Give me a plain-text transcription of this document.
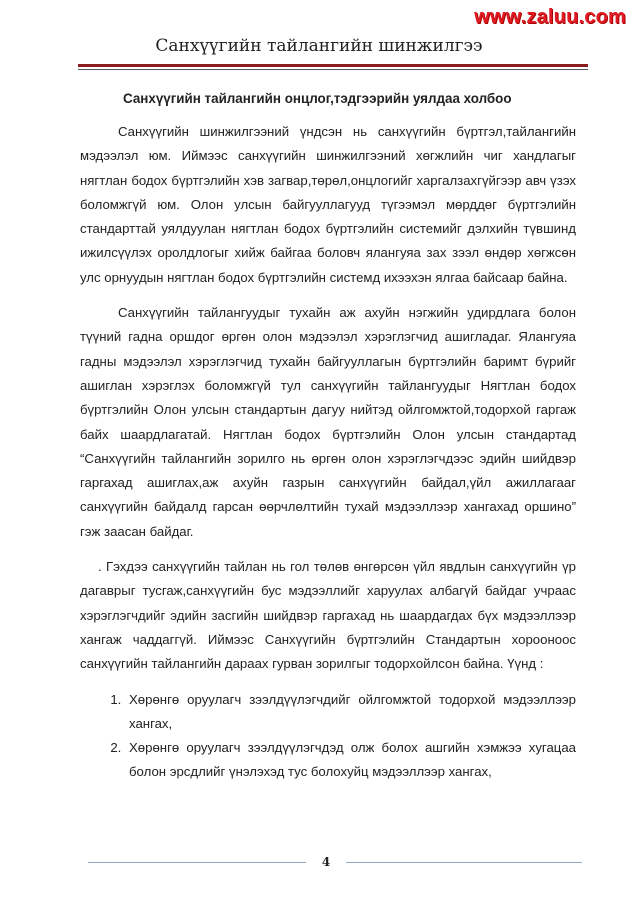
www.zaluu.com
Санхүүгийн тайлангийн шинжилгээ
Санхүүгийн тайлангийн онцлог,тэдгээрийн уялдаа холбоо

Санхүүгийн шинжилгээний үндсэн нь санхүүгийн бүртгэл,тайлангийн мэдээлэл юм. Иймээс санхүүгийн шинжилгээний хөгжлийн чиг хандлагыг нягтлан бодох бүртгэлийн хэв загвар,төрөл,онцлогийг харгалзахгүйгээр авч үзэх боломжгүй юм. Олон улсын байгууллагууд түгээмэл мөрддөг бүртгэлийн стандарттай уялдуулан нягтлан бодох бүртгэлийн системийг дэлхийн түвшинд ижилсүүлэх оролдлогыг хийж байгаа боловч ялангуяа зах зээл өндөр хөгжсөн улс орнуудын нягтлан бодох бүртгэлийн системд ихээхэн ялгаа байсаар байна.

Санхүүгийн тайлангуудыг тухайн аж ахуйн нэгжийн удирдлага болон түүний гадна оршдог өргөн олон мэдээлэл хэрэглэгчид ашигладаг. Ялангуяа гадны мэдээлэл хэрэглэгчид тухайн байгууллагын бүртгэлийн баримт бүрийг ашиглан хэрэглэх боломжгүй тул санхүүгийн тайлангуудыг Нягтлан бодох бүртгэлийн Олон улсын стандартын дагуу нийтэд ойлгомжтой,тодорхой гаргаж байх шаардлагатай. Нягтлан бодох бүртгэлийн Олон улсын стандартад “Санхүүгийн тайлангийн зорилго нь өргөн олон хэрэглэгчдээс эдийн шийдвэр гаргахад ашиглах,аж ахуйн газрын санхүүгийн байдал,үйл ажиллагааг санхүүгийн байдалд гарсан өөрчлөлтийн тухай мэдээллээр хангахад оршино” гэж заасан байдаг.

. Гэхдээ санхүүгийн тайлан нь гол төлөв өнгөрсөн үйл явдлын санхүүгийн үр дагаврыг тусгаж,санхүүгийн бус мэдээллийг харуулах албагүй байдаг учраас хэрэглэгчдийг эдийн засгийн шийдвэр гаргахад нь шаардагдах бүх мэдээллээр хангаж чаддаггүй. Иймээс Санхүүгийн бүртгэлийн Стандартын хорооноос санхүүгийн тайлангийн дараах гурван зорилгыг тодорхойлсон байна. Үүнд :

1. Хөрөнгө оруулагч зээлдүүлэгчдийг ойлгомжтой тодорхой мэдээллээр хангах,
2. Хөрөнгө оруулагч зээлдүүлэгчдэд олж болох ашгийн хэмжээ хугацаа болон эрсдлийг үнэлэхэд тус болохуйц мэдээллээр хангах,
4
